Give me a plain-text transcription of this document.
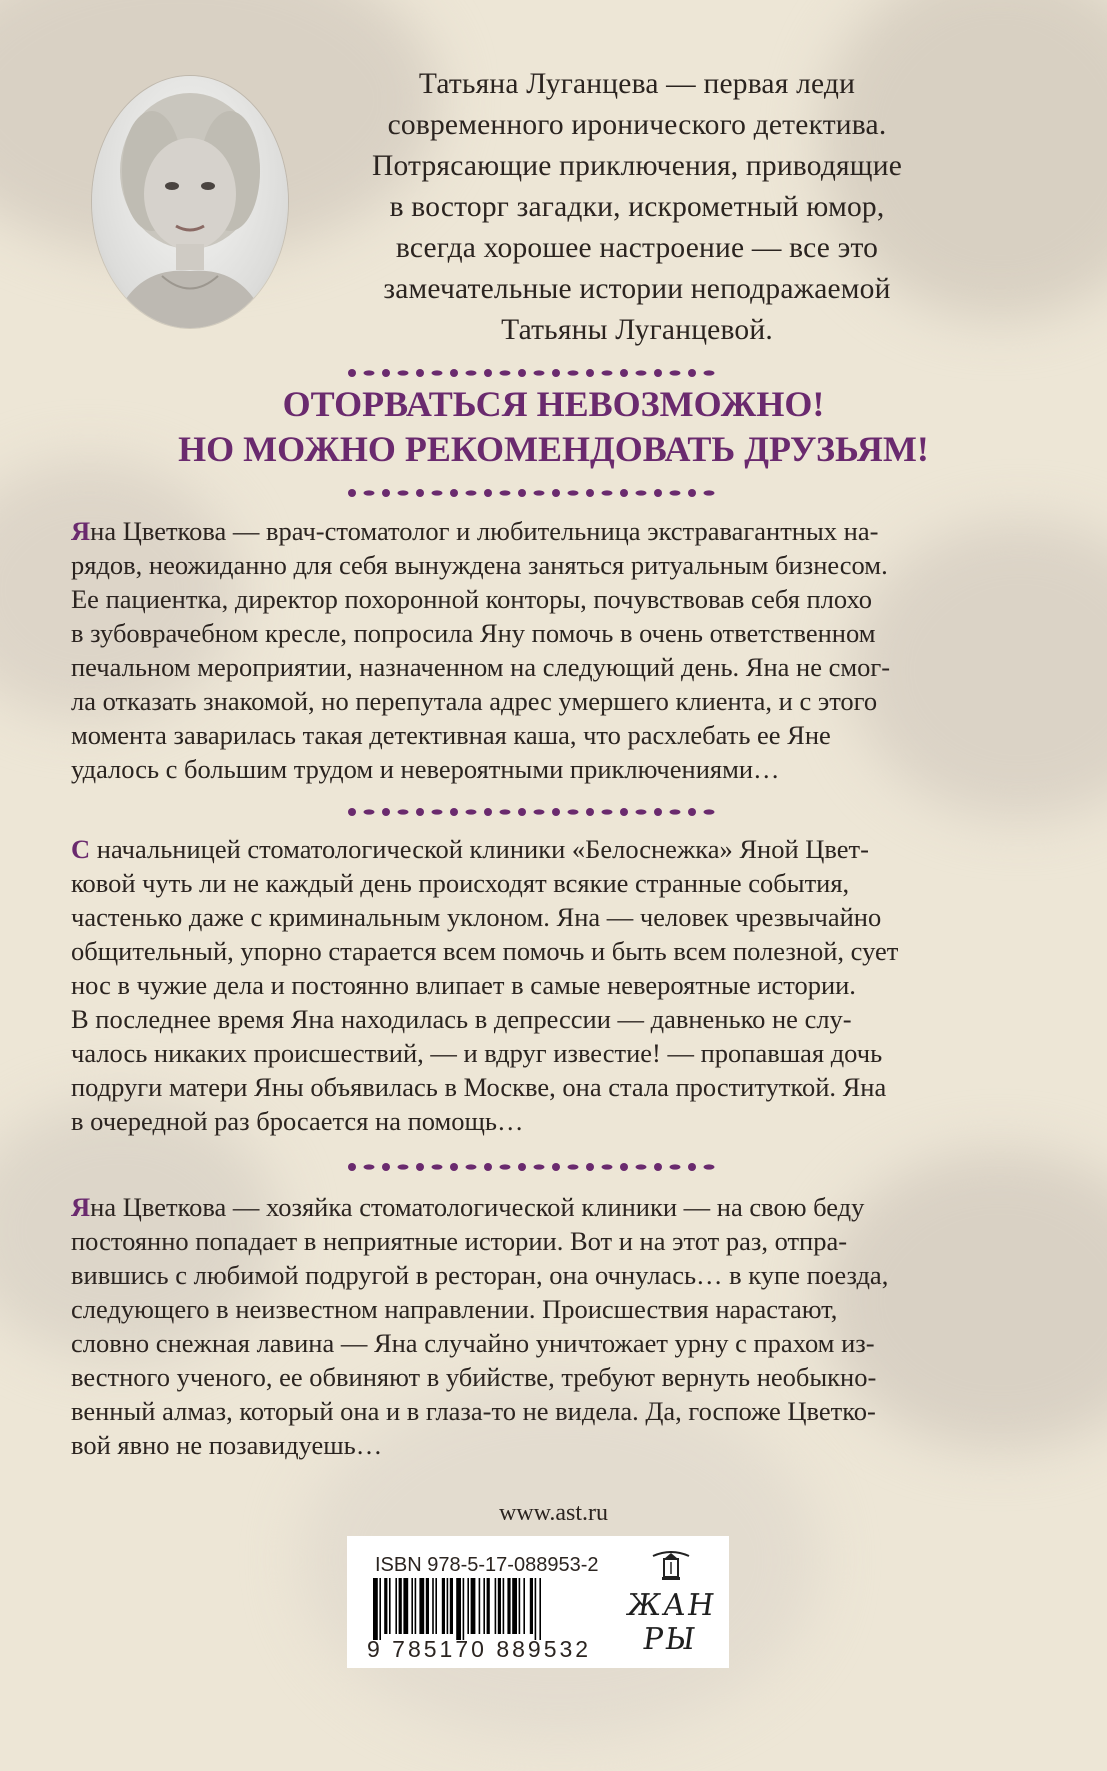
Татьяна Луганцева — первая леди
современного иронического детектива.
Потрясающие приключения, приводящие
в восторг загадки, искрометный юмор,
всегда хорошее настроение — все это
замечательные истории неподражаемой
Татьяны Луганцевой.
ОТОРВАТЬСЯ НЕВОЗМОЖНО!
НО МОЖНО РЕКОМЕНДОВАТЬ ДРУЗЬЯМ!
Яна Цветкова — врач-стоматолог и любительница экстравагантных на-
рядов, неожиданно для себя вынуждена заняться ритуальным бизнесом.
Ее пациентка, директор похоронной конторы, почувствовав себя плохо
в зубоврачебном кресле, попросила Яну помочь в очень ответственном
печальном мероприятии, назначенном на следующий день. Яна не смог-
ла отказать знакомой, но перепутала адрес умершего клиента, и с этого
момента заварилась такая детективная каша, что расхлебать ее Яне
удалось с большим трудом и невероятными приключениями…
С начальницей стоматологической клиники «Белоснежка» Яной Цвет-
ковой чуть ли не каждый день происходят всякие странные события,
частенько даже с криминальным уклоном. Яна — человек чрезвычайно
общительный, упорно старается всем помочь и быть всем полезной, сует
нос в чужие дела и постоянно влипает в самые невероятные истории.
В последнее время Яна находилась в депрессии — давненько не слу-
чалось никаких происшествий, — и вдруг известие! — пропавшая дочь
подруги матери Яны объявилась в Москве, она стала проституткой. Яна
в очередной раз бросается на помощь…
Яна Цветкова — хозяйка стоматологической клиники — на свою беду
постоянно попадает в неприятные истории. Вот и на этот раз, отпра-
вившись с любимой подругой в ресторан, она очнулась… в купе поезда,
следующего в неизвестном направлении. Происшествия нарастают,
словно снежная лавина — Яна случайно уничтожает урну с прахом из-
вестного ученого, ее обвиняют в убийстве, требуют вернуть необыкно-
венный алмаз, который она и в глаза-то не видела. Да, госпоже Цветко-
вой явно не позавидуешь…
www.ast.ru
ISBN 978-5-17-088953-2
9 785170 889532
ЖАН
РЫ
